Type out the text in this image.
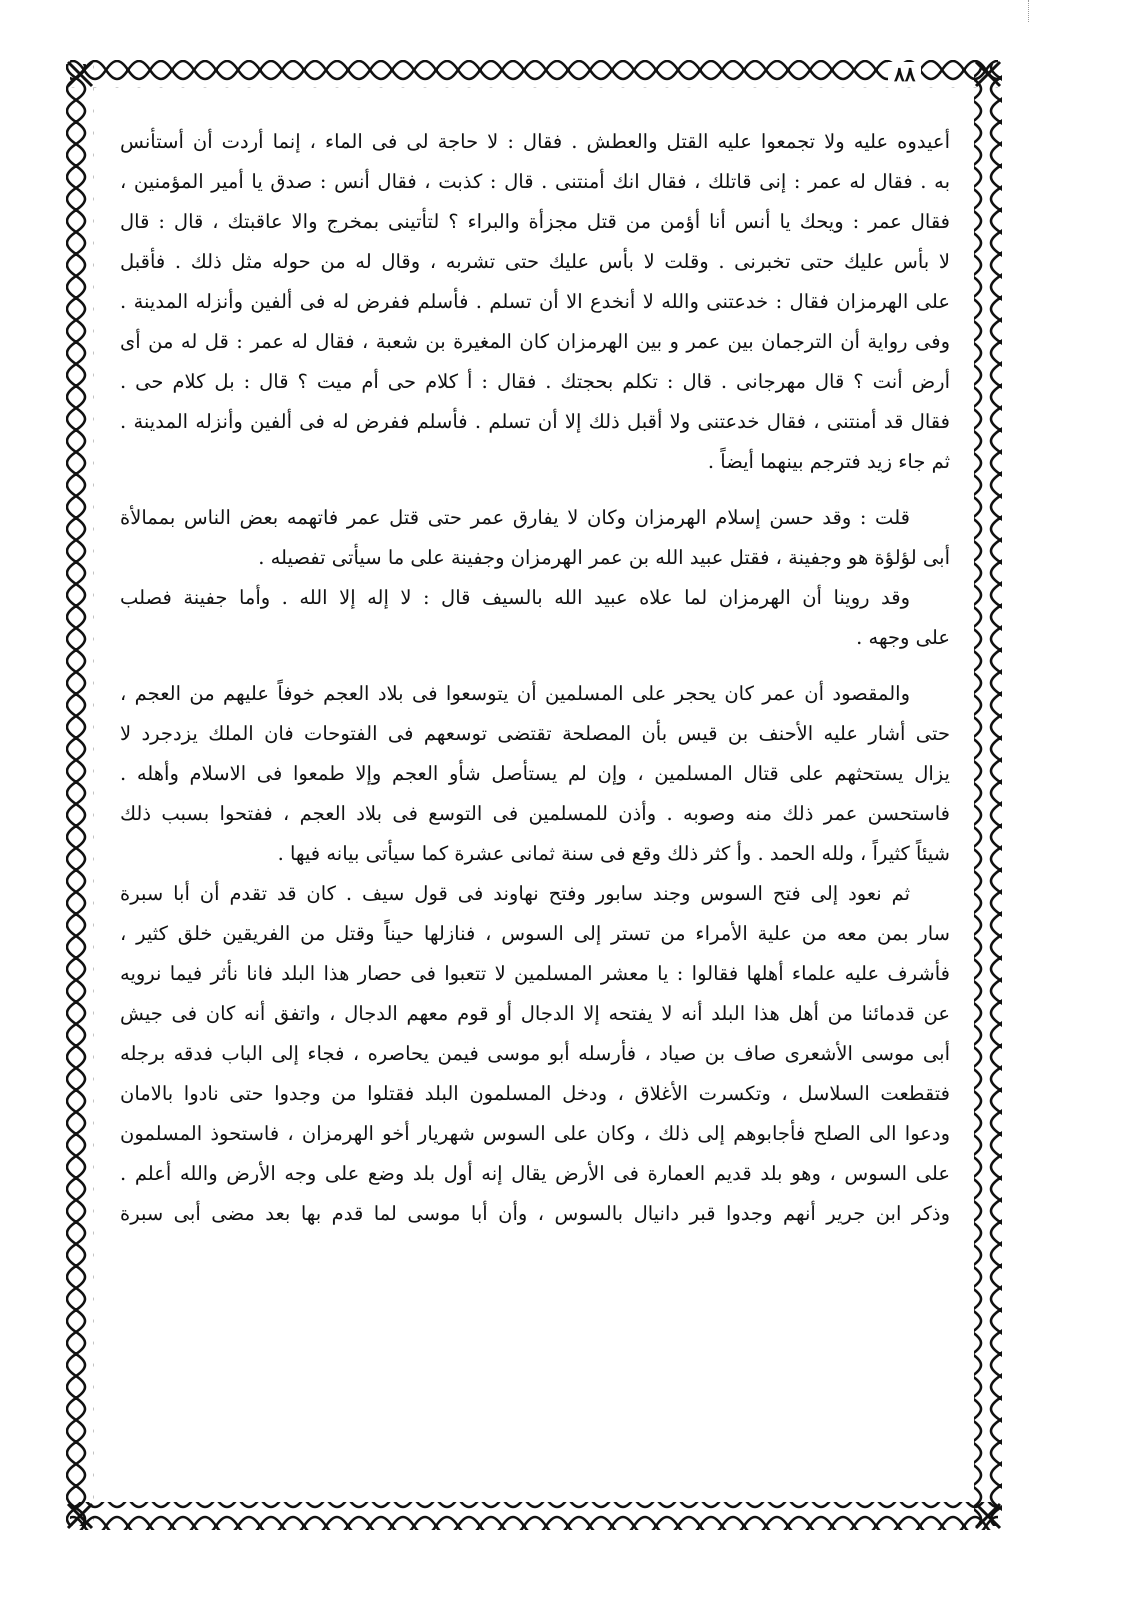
٨٨
أعيدوه عليه ولا تجمعوا عليه القتل والعطش . فقال : لا حاجة لى فى الماء ، إنما أردت أن أستأنس
به . فقال له عمر : إنى قاتلك ، فقال انك أمنتنى . قال : كذبت ، فقال أنس : صدق يا أمير المؤمنين ،
فقال عمر : ويحك يا أنس أنا أؤمن من قتل مجزأة والبراء ؟ لتأتينى بمخرج والا عاقبتك ، قال : قال
لا بأس عليك حتى تخبرنى . وقلت لا بأس عليك حتى تشربه ، وقال له من حوله مثل ذلك . فأقبل
على الهرمزان فقال : خدعتنى والله لا أنخدع الا أن تسلم . فأسلم ففرض له فى ألفين وأنزله المدينة .
وفى رواية أن الترجمان بين عمر و بين الهرمزان كان المغيرة بن شعبة ، فقال له عمر : قل له من أى
أرض أنت ؟ قال مهرجانى . قال : تكلم بحجتك . فقال : أ كلام حى أم ميت ؟ قال : بل كلام حى .
فقال قد أمنتنى ، فقال خدعتنى ولا أقبل ذلك إلا أن تسلم . فأسلم ففرض له فى ألفين وأنزله المدينة .
ثم جاء زيد فترجم بينهما أيضاً .
قلت : وقد حسن إسلام الهرمزان وكان لا يفارق عمر حتى قتل عمر فاتهمه بعض الناس بممالأة
أبى لؤلؤة هو وجفينة ، فقتل عبيد الله بن عمر الهرمزان وجفينة على ما سيأتى تفصيله .
وقد روينا أن الهرمزان لما علاه عبيد الله بالسيف قال : لا إله إلا الله . وأما جفينة فصلب
على وجهه .
والمقصود أن عمر كان يحجر على المسلمين أن يتوسعوا فى بلاد العجم خوفاً عليهم من العجم ،
حتى أشار عليه الأحنف بن قيس بأن المصلحة تقتضى توسعهم فى الفتوحات فان الملك يزدجرد لا
يزال يستحثهم على قتال المسلمين ، وإن لم يستأصل شأو العجم وإلا طمعوا فى الاسلام وأهله .
فاستحسن عمر ذلك منه وصوبه . وأذن للمسلمين فى التوسع فى بلاد العجم ، ففتحوا بسبب ذلك
شيئاً كثيراً ، ولله الحمد . وأ كثر ذلك وقع فى سنة ثمانى عشرة كما سيأتى بيانه فيها .
ثم نعود إلى فتح السوس وجند سابور وفتح نهاوند فى قول سيف . كان قد تقدم أن أبا سبرة
سار بمن معه من علية الأمراء من تستر إلى السوس ، فنازلها حيناً وقتل من الفريقين خلق كثير ،
فأشرف عليه علماء أهلها فقالوا : يا معشر المسلمين لا تتعبوا فى حصار هذا البلد فانا نأثر فيما نرويه
عن قدمائنا من أهل هذا البلد أنه لا يفتحه إلا الدجال أو قوم معهم الدجال ، واتفق أنه كان فى جيش
أبى موسى الأشعرى صاف بن صياد ، فأرسله أبو موسى فيمن يحاصره ، فجاء إلى الباب فدقه برجله
فتقطعت السلاسل ، وتكسرت الأغلاق ، ودخل المسلمون البلد فقتلوا من وجدوا حتى نادوا بالامان
ودعوا الى الصلح فأجابوهم إلى ذلك ، وكان على السوس شهريار أخو الهرمزان ، فاستحوذ المسلمون
على السوس ، وهو بلد قديم العمارة فى الأرض يقال إنه أول بلد وضع على وجه الأرض والله أعلم .
وذكر ابن جرير أنهم وجدوا قبر دانيال بالسوس ، وأن أبا موسى لما قدم بها بعد مضى أبى سبرة
